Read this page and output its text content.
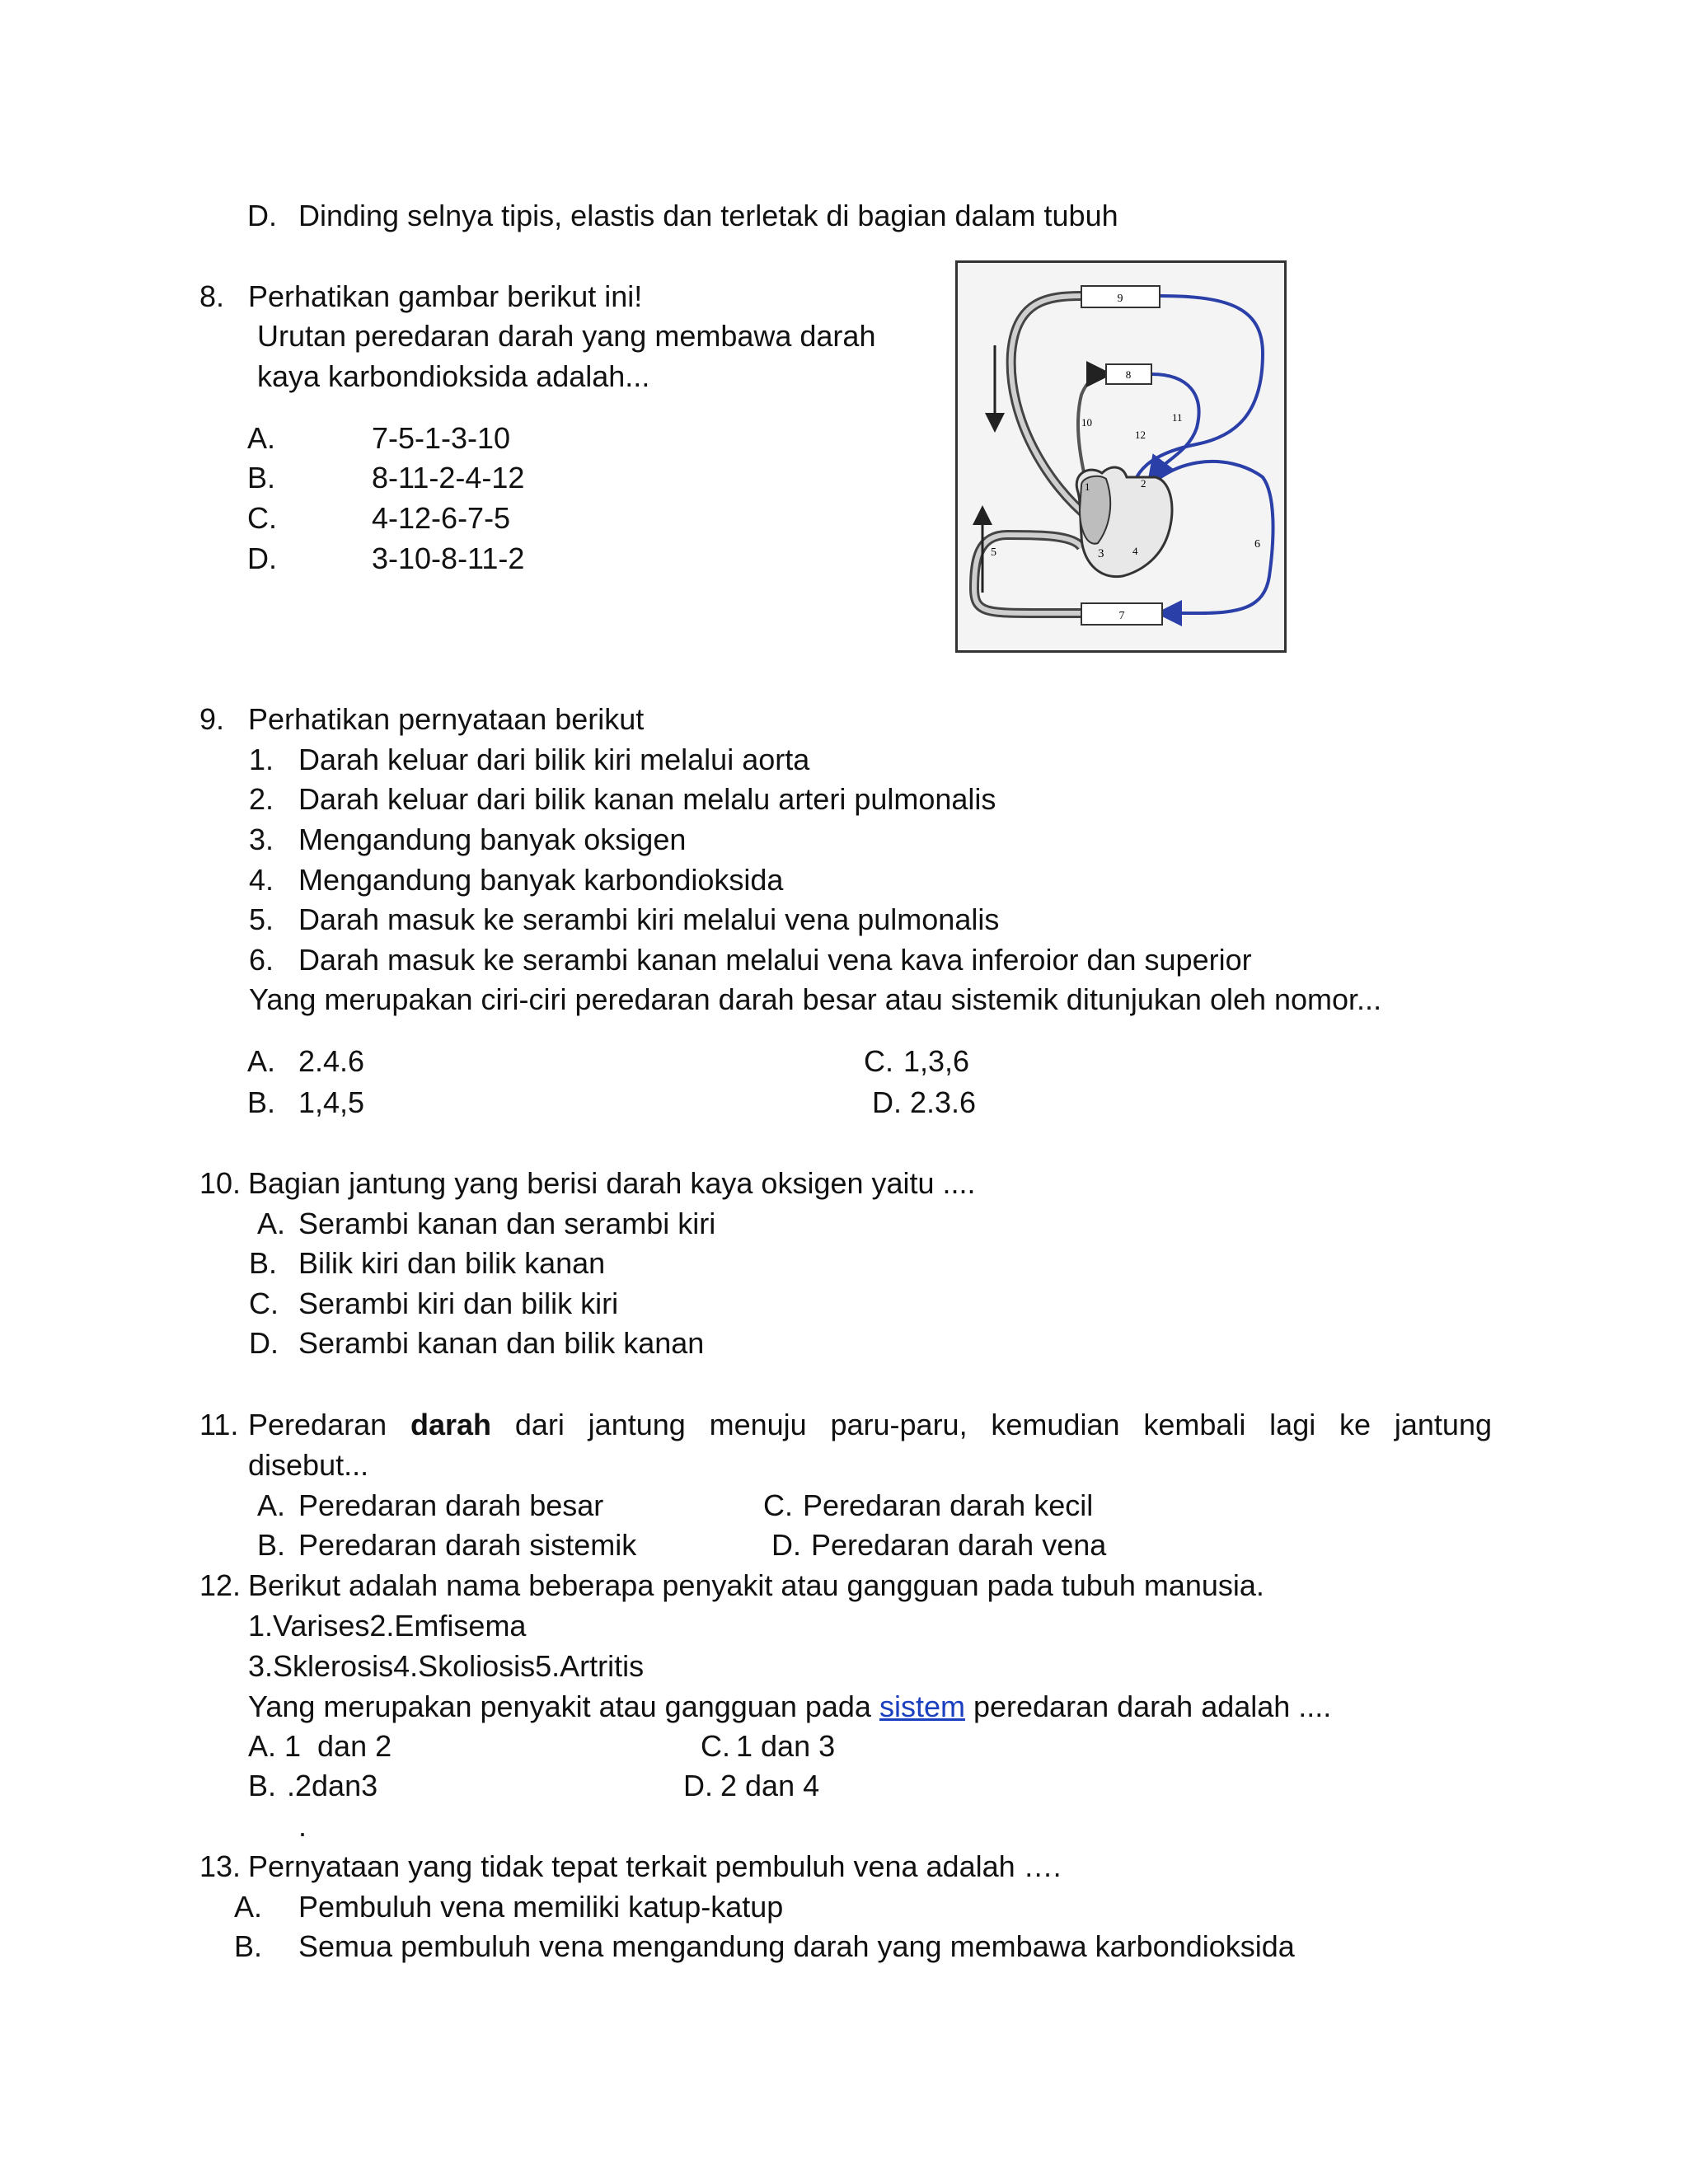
D. Dinding selnya tipis, elastis dan terletak di bagian dalam tubuh
8. Perhatikan gambar berikut ini!
Urutan peredaran darah yang membawa darah
kaya karbondioksida adalah...
A.	7-5-1-3-10
B.	8-11-2-4-12
C.	4-12-6-7-5
D.	3-10-8-11-2
9
8
10	11
12
1	2
5	3	4
6
7
9. Perhatikan pernyataan berikut
1. Darah keluar dari bilik kiri melalui aorta
2. Darah keluar dari bilik kanan melalu arteri pulmonalis
3. Mengandung banyak oksigen
4. Mengandung banyak karbondioksida
5. Darah masuk ke serambi kiri melalui vena pulmonalis
6. Darah masuk ke serambi kanan melalui vena kava inferoior dan superior
Yang merupakan ciri-ciri peredaran darah besar atau sistemik ditunjukan oleh nomor...
A. 2.4.6
B. 1,4,5
C. 1,3,6
D. 2.3.6
10. Bagian jantung yang berisi darah kaya oksigen yaitu ....
A. Serambi kanan dan serambi kiri
B. Bilik kiri dan bilik kanan
C. Serambi kiri dan bilik kiri
D. Serambi kanan dan bilik kanan
11. Peredaran darah dari jantung menuju paru-paru, kemudian kembali lagi ke jantung
disebut...
A. Peredaran darah besar
B. Peredaran darah sistemik
C. Peredaran darah kecil
D. Peredaran darah vena
12. Berikut adalah nama beberapa penyakit atau gangguan pada tubuh manusia.
1.Varises2.Emfisema
3.Sklerosis4.Skoliosis5.Artritis
Yang merupakan penyakit atau gangguan pada sistem peredaran darah adalah ....
A. 1  dan 2
B. .2dan3
C. 1 dan 3
D. 2 dan 4
.
13. Pernyataan yang tidak tepat terkait pembuluh vena adalah ….
A. Pembuluh vena memiliki katup-katup
B. Semua pembuluh vena mengandung darah yang membawa karbondioksida
